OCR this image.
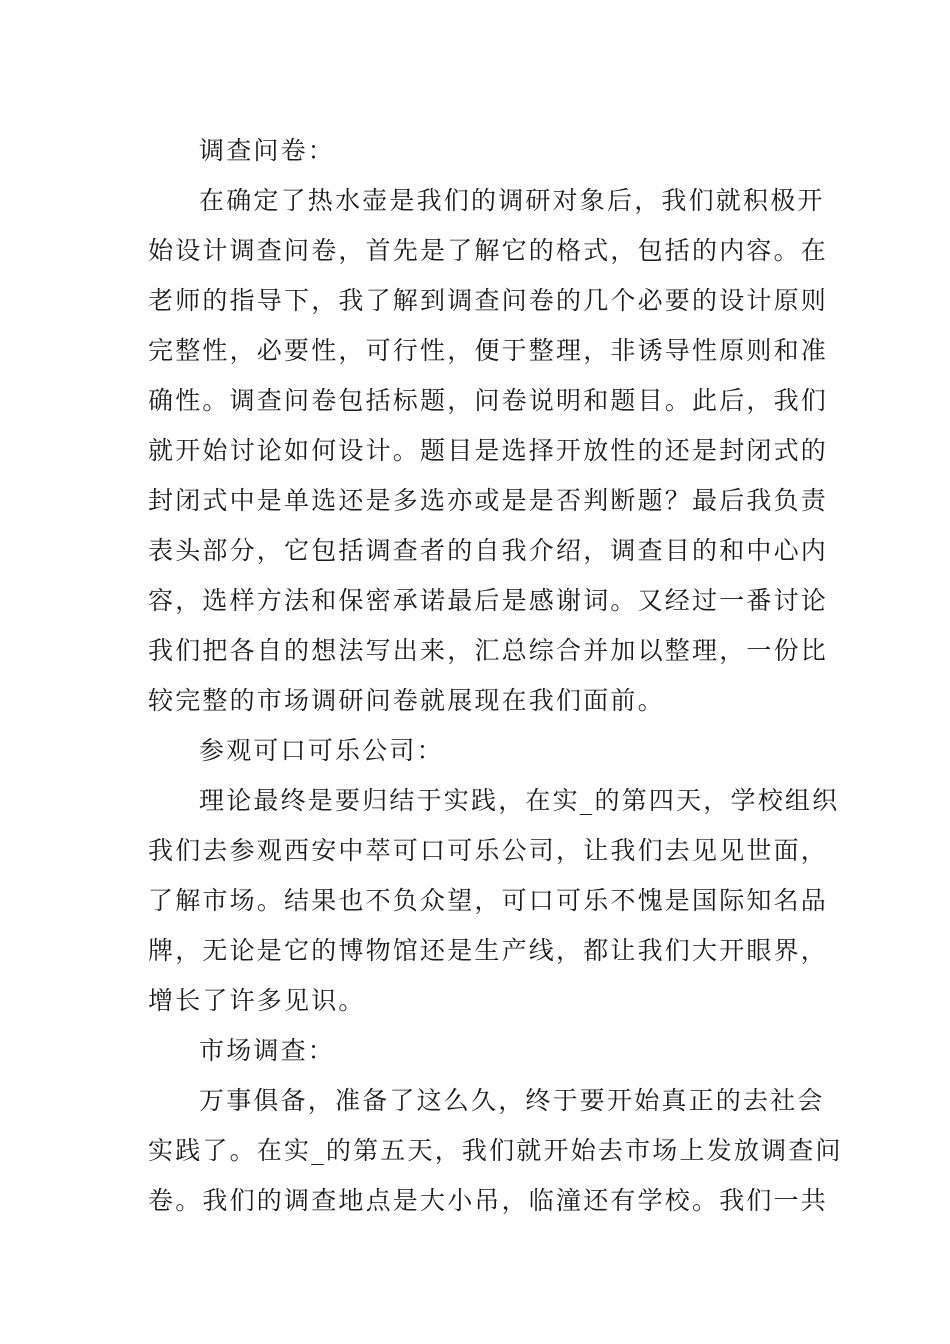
调查问卷：
在确定了热水壶是我们的调研对象后，我们就积极开
始设计调查问卷，首先是了解它的格式，包括的内容。在
老师的指导下，我了解到调查问卷的几个必要的设计原则
完整性，必要性，可行性，便于整理，非诱导性原则和准
确性。调查问卷包括标题，问卷说明和题目。此后，我们
就开始讨论如何设计。题目是选择开放性的还是封闭式的
封闭式中是单选还是多选亦或是是否判断题？最后我负责
表头部分，它包括调查者的自我介绍，调查目的和中心内
容，选样方法和保密承诺最后是感谢词。又经过一番讨论
我们把各自的想法写出来，汇总综合并加以整理，一份比
较完整的市场调研问卷就展现在我们面前。
参观可口可乐公司：
理论最终是要归结于实践，在实_的第四天，学校组织
我们去参观西安中萃可口可乐公司，让我们去见见世面，
了解市场。结果也不负众望，可口可乐不愧是国际知名品
牌，无论是它的博物馆还是生产线，都让我们大开眼界，
增长了许多见识。
市场调查：
万事俱备，准备了这么久，终于要开始真正的去社会
实践了。在实_的第五天，我们就开始去市场上发放调查问
卷。我们的调查地点是大小吊，临潼还有学校。我们一共
